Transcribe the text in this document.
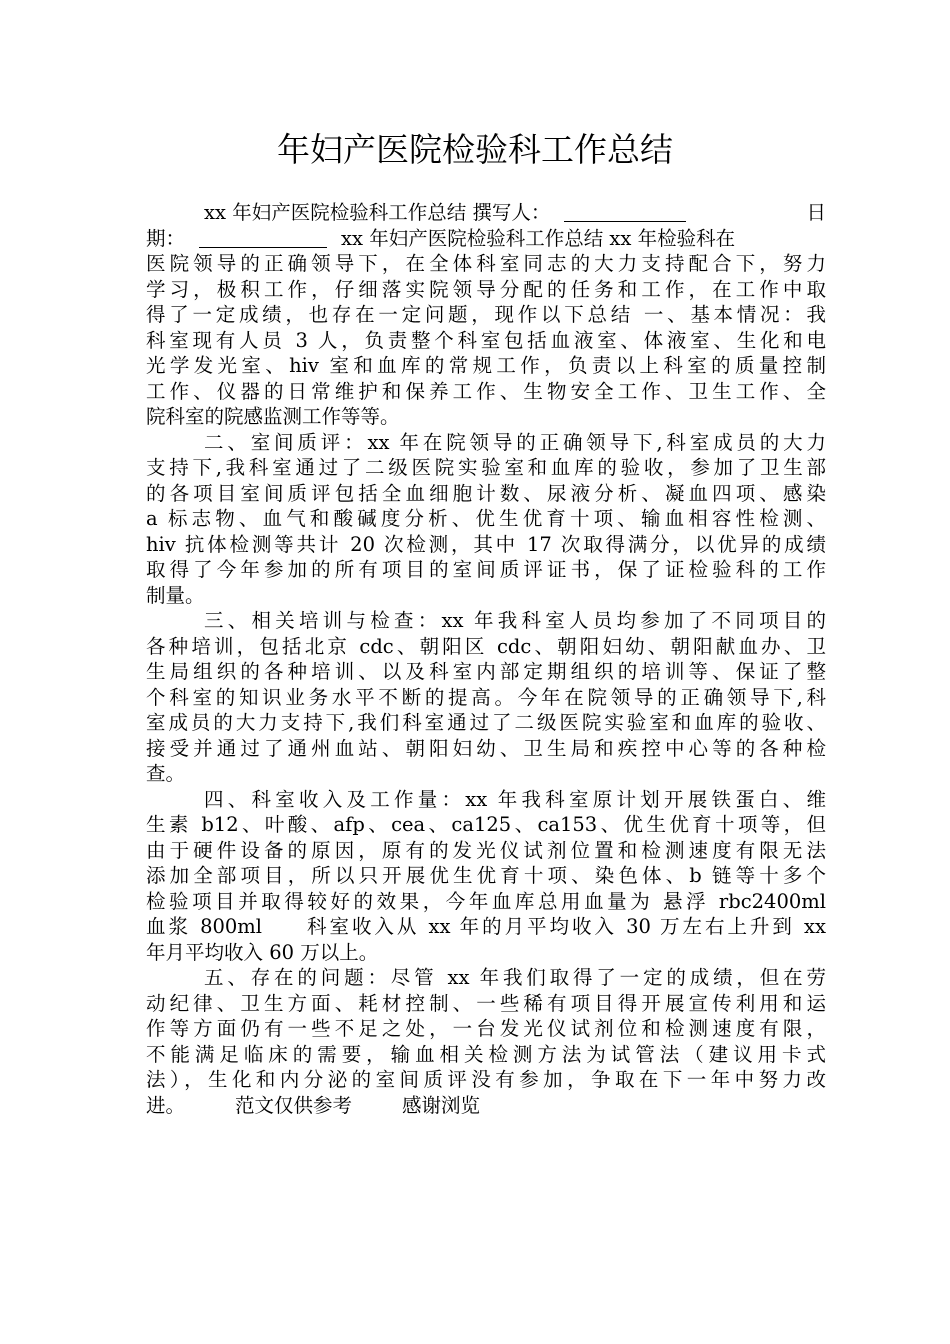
年妇产医院检验科工作总结
xx 年妇产医院检验科工作总结 撰写人：	日
期：	xx 年妇产医院检验科工作总结 xx 年检验科在
医院领导的正确领导下，在全体科室同志的大力支持配合下，努力
学习，极积工作，仔细落实院领导分配的任务和工作，在工作中取
得了一定成绩，也存在一定问题，现作以下总结 一、基本情况：我
科室现有人员 3 人，负责整个科室包括血液室、体液室、生化和电
光学发光室、hiv 室和血库的常规工作，负责以上科室的质量控制
工作、仪器的日常维护和保养工作、生物安全工作、卫生工作、全
院科室的院感监测工作等等。
二、室间质评：xx 年在院领导的正确领导下,科室成员的大力
支持下,我科室通过了二级医院实验室和血库的验收，参加了卫生部
的各项目室间质评包括全血细胞计数、尿液分析、凝血四项、感染
a 标志物、血气和酸碱度分析、优生优育十项、输血相容性检测、
hiv 抗体检测等共计 20 次检测，其中 17 次取得满分，以优异的成绩
取得了今年参加的所有项目的室间质评证书，保了证检验科的工作
制量。
三、相关培训与检查：xx 年我科室人员均参加了不同项目的
各种培训，包括北京 cdc、朝阳区 cdc、朝阳妇幼、朝阳献血办、卫
生局组织的各种培训、以及科室内部定期组织的培训等、保证了整
个科室的知识业务水平不断的提高。今年在院领导的正确领导下,科
室成员的大力支持下,我们科室通过了二级医院实验室和血库的验收、
接受并通过了通州血站、朝阳妇幼、卫生局和疾控中心等的各种检
查。
四、科室收入及工作量：xx 年我科室原计划开展铁蛋白、维
生素 b12、叶酸、afp、cea、ca125、ca153、优生优育十项等，但
由于硬件设备的原因，原有的发光仪试剂位置和检测速度有限无法
添加全部项目，所以只开展优生优育十项、染色体、b 链等十多个
检验项目并取得较好的效果，今年血库总用血量为 悬浮 rbc2400ml
血浆 800ml 科室收入从 xx 年的月平均收入 30 万左右上升到 xx
年月平均收入 60 万以上。
五、存在的问题：尽管 xx 年我们取得了一定的成绩，但在劳
动纪律、卫生方面、耗材控制、一些稀有项目得开展宣传利用和运
作等方面仍有一些不足之处，一台发光仪试剂位和检测速度有限，
不能满足临床的需要，输血相关检测方法为试管法（建议用卡式
法），生化和内分泌的室间质评没有参加，争取在下一年中努力改
进。	范文仅供参考	感谢浏览
